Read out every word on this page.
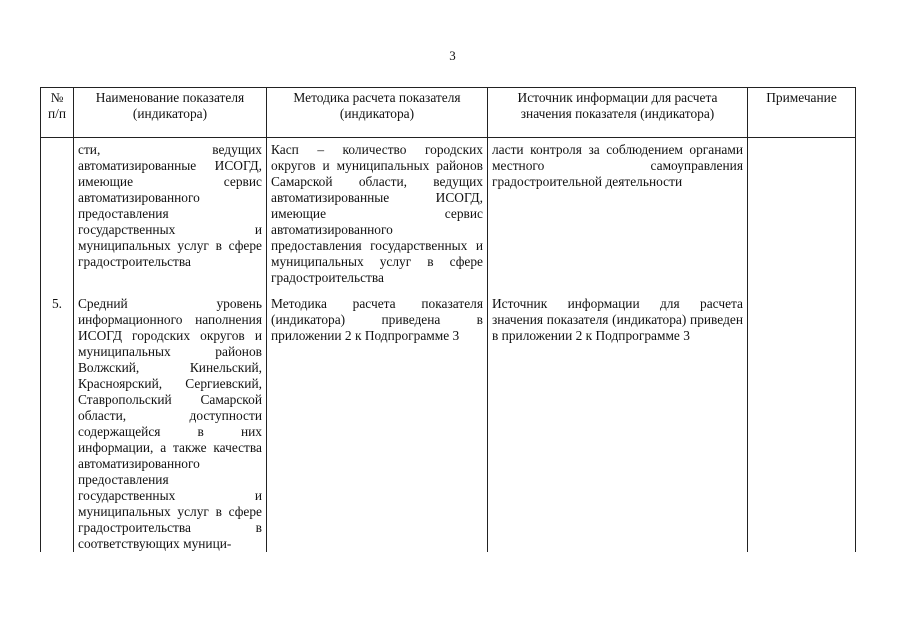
3
№ п/п	Наименование показателя (индикатора)	Методика расчета показателя (индикатора)	Источник информации для расчета значения показателя (индикатора)	Примечание

	сти, ведущих автоматизированные ИСОГД, имеющие сервис автоматизированного предоставления государственных и муниципальных услуг в сфере градостроительства	Касп – количество городских округов и муниципальных районов Самарской области, ведущих автоматизированные ИСОГД, имеющие сервис автоматизированного предоставления государственных и муниципальных услуг в сфере градостроительства	ласти контроля за соблюдением органами местного самоуправления градостроительной деятельности	

5.	Средний уровень информационного наполнения ИСОГД городских округов и муниципальных районов Волжский, Кинельский, Красноярский, Сергиевский, Ставропольский Самарской области, доступности содержащейся в них информации, а также качества автоматизированного предоставления государственных и муниципальных услуг в сфере градостроительства в соответствующих муници-	Методика расчета показателя (индикатора) приведена в приложении 2 к Подпрограмме 3	Источник информации для расчета значения показателя (индикатора) приведен в приложении 2 к Подпрограмме 3	
